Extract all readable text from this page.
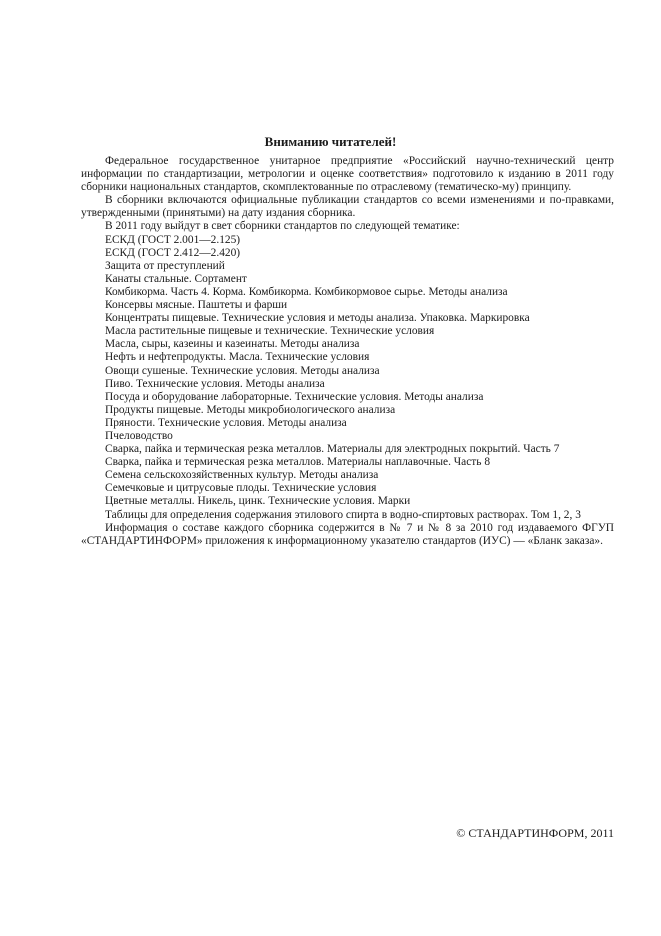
Вниманию читателей!

Федеральное государственное унитарное предприятие «Российский научно-технический центр информации по стандартизации, метрологии и оценке соответствия» подготовило к изданию в 2011 году сборники национальных стандартов, скомплектованные по отраслевому (тематическо-му) принципу.

В сборники включаются официальные публикации стандартов со всеми изменениями и по-правками, утвержденными (принятыми) на дату издания сборника.

В 2011 году выйдут в свет сборники стандартов по следующей тематике:

ЕСКД (ГОСТ 2.001—2.125)
ЕСКД (ГОСТ 2.412—2.420)
Защита от преступлений
Канаты стальные. Сортамент
Комбикорма. Часть 4. Корма. Комбикорма. Комбикормовое сырье. Методы анализа
Консервы мясные. Паштеты и фарши
Концентраты пищевые. Технические условия и методы анализа. Упаковка. Маркировка
Масла растительные пищевые и технические. Технические условия
Масла, сыры, казеины и казеинаты. Методы анализа
Нефть и нефтепродукты. Масла. Технические условия
Овощи сушеные. Технические условия. Методы анализа
Пиво. Технические условия. Методы анализа
Посуда и оборудование лабораторные. Технические условия. Методы анализа
Продукты пищевые. Методы микробиологического анализа
Пряности. Технические условия. Методы анализа
Пчеловодство
Сварка, пайка и термическая резка металлов. Материалы для электродных покрытий. Часть 7
Сварка, пайка и термическая резка металлов. Материалы наплавочные. Часть 8
Семена сельскохозяйственных культур. Методы анализа
Семечковые и цитрусовые плоды. Технические условия
Цветные металлы. Никель, цинк. Технические условия. Марки
Таблицы для определения содержания этилового спирта в водно-спиртовых растворах. Том 1, 2, 3

Информация о составе каждого сборника содержится в № 7 и № 8 за 2010 год издаваемого ФГУП «СТАНДАРТИНФОРМ» приложения к информационному указателю стандартов (ИУС) — «Бланк заказа».

© СТАНДАРТИНФОРМ, 2011
